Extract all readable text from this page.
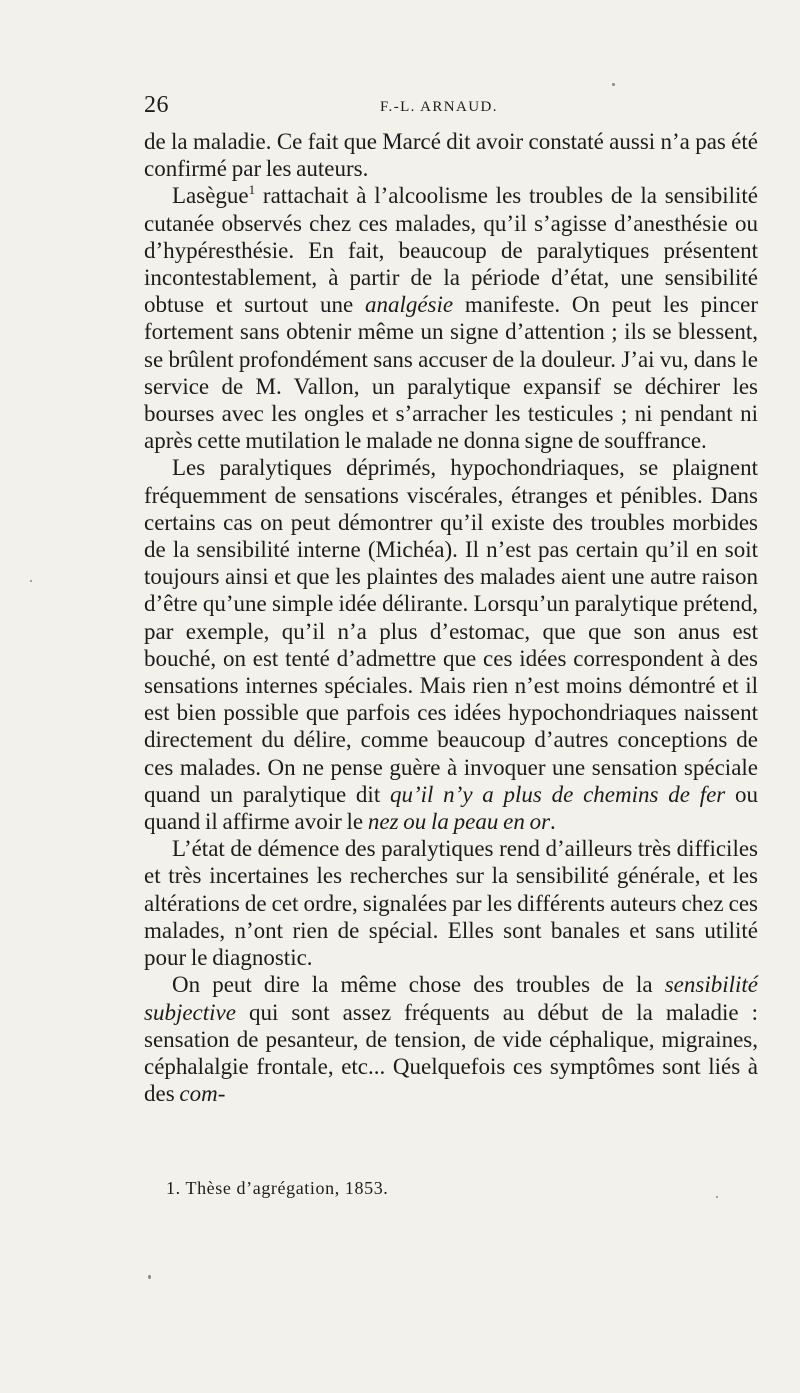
26	F.-L. ARNAUD.

de la maladie. Ce fait que Marcé dit avoir constaté aussi n’a pas été confirmé par les auteurs.

Lasègue$^1$ rattachait à l’alcoolisme les troubles de la sensibilité cutanée observés chez ces malades, qu’il s’agisse d’anesthésie ou d’hypéresthésie. En fait, beaucoup de paralytiques présentent incontestablement, à partir de la période d’état, une sensibilité obtuse et surtout une analgésie manifeste. On peut les pincer fortement sans obtenir même un signe d’attention ; ils se blessent, se brûlent profondément sans accuser de la douleur. J’ai vu, dans le service de M. Vallon, un paralytique expansif se déchirer les bourses avec les ongles et s’arracher les testicules ; ni pendant ni après cette mutilation le malade ne donna signe de souffrance.

Les paralytiques déprimés, hypochondriaques, se plaignent fréquemment de sensations viscérales, étranges et pénibles. Dans certains cas on peut démontrer qu’il existe des troubles morbides de la sensibilité interne (Michéa). Il n’est pas certain qu’il en soit toujours ainsi et que les plaintes des malades aient une autre raison d’être qu’une simple idée délirante. Lorsqu’un paralytique prétend, par exemple, qu’il n’a plus d’estomac, que que son anus est bouché, on est tenté d’admettre que ces idées correspondent à des sensations internes spéciales. Mais rien n’est moins démontré et il est bien possible que parfois ces idées hypochondriaques naissent directement du délire, comme beaucoup d’autres conceptions de ces malades. On ne pense guère à invoquer une sensation spéciale quand un paralytique dit qu’il n’y a plus de chemins de fer ou quand il affirme avoir le nez ou la peau en or.

L’état de démence des paralytiques rend d’ailleurs très difficiles et très incertaines les recherches sur la sensibilité générale, et les altérations de cet ordre, signalées par les différents auteurs chez ces malades, n’ont rien de spécial. Elles sont banales et sans utilité pour le diagnostic.

On peut dire la même chose des troubles de la sensibilité subjective qui sont assez fréquents au début de la maladie : sensation de pesanteur, de tension, de vide céphalique, migraines, céphalalgie frontale, etc... Quelquefois ces symptômes sont liés à des com-

1. Thèse d’agrégation, 1853.
